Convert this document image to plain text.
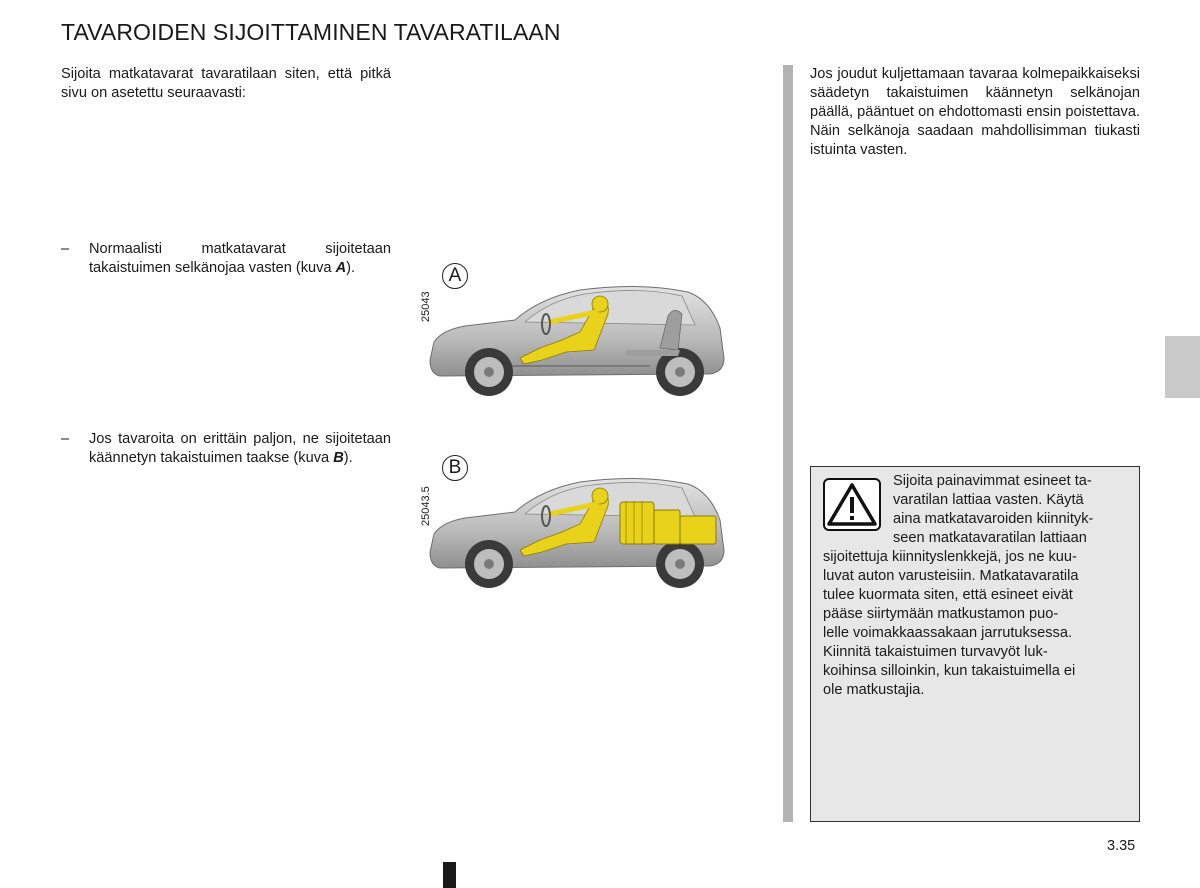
TAVAROIDEN SIJOITTAMINEN TAVARATILAAN
Sijoita matkatavarat tavaratilaan siten, että pitkä sivu on asetettu seuraavasti:
–	Normaalisti matkatavarat sijoitetaan takaistuimen selkänojaa vasten (kuva A).
–	Jos tavaroita on erittäin paljon, ne sijoitetaan käännetyn takaistuimen taakse (kuva B).
A
25043
B
25043.5
Jos joudut kuljettamaan tavaraa kolmepaikkaiseksi säädetyn takaistuimen käännetyn selkänojan päällä, pääntuet on ehdottomasti ensin poistettava. Näin selkänoja saadaan mahdollisimman tiukasti istuinta vasten.
Sijoita painavimmat esineet ta-
varatilan lattiaa vasten. Käytä
aina matkatavaroiden kiinnityk-
seen matkatavaratilan lattiaan
sijoitettuja kiinnityslenkkejä, jos ne kuu-
luvat auton varusteisiin. Matkatavaratila
tulee kuormata siten, että esineet eivät
pääse siirtymään matkustamon puo-
lelle voimakkaassakaan jarrutuksessa.
Kiinnitä takaistuimen turvavyöt luk-
koihinsa silloinkin, kun takaistuimella ei
ole matkustajia.
3.35
